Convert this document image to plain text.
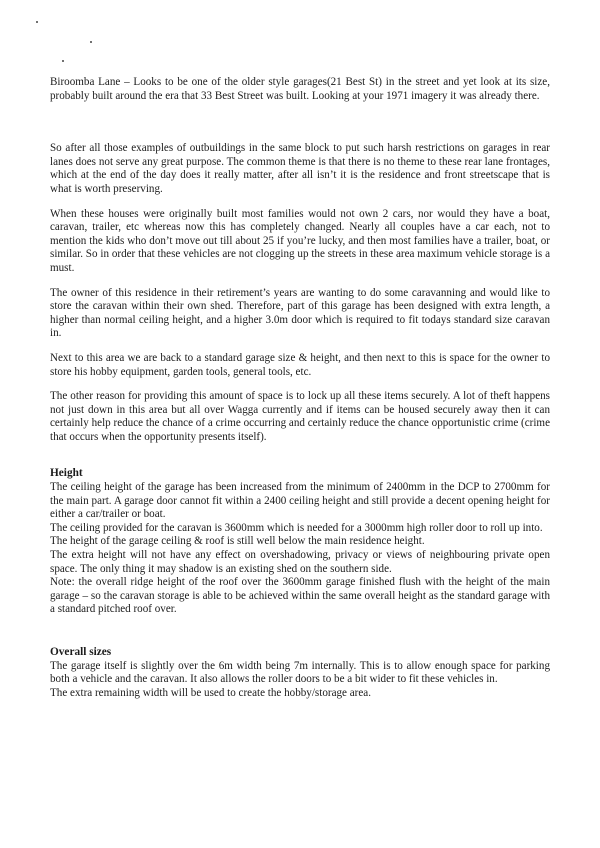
Biroomba Lane – Looks to be one of the older style garages(21 Best St) in the street and yet look at its size, probably built around the era that 33 Best Street was built. Looking at your 1971 imagery it was already there.

So after all those examples of outbuildings in the same block to put such harsh restrictions on garages in rear lanes does not serve any great purpose. The common theme is that there is no theme to these rear lane frontages, which at the end of the day does it really matter, after all isn’t it is the residence and front streetscape that is what is worth preserving.

When these houses were originally built most families would not own 2 cars, nor would they have a boat, caravan, trailer, etc whereas now this has completely changed. Nearly all couples have a car each, not to mention the kids who don’t move out till about 25 if you’re lucky, and then most families have a trailer, boat, or similar. So in order that these vehicles are not clogging up the streets in these area maximum vehicle storage is a must.

The owner of this residence in their retirement’s years are wanting to do some caravanning and would like to store the caravan within their own shed. Therefore, part of this garage has been designed with extra length, a higher than normal ceiling height, and a higher 3.0m door which is required to fit todays standard size caravan in.

Next to this area we are back to a standard garage size & height, and then next to this is space for the owner to store his hobby equipment, garden tools, general tools, etc.

The other reason for providing this amount of space is to lock up all these items securely. A lot of theft happens not just down in this area but all over Wagga currently and if items can be housed securely away then it can certainly help reduce the chance of a crime occurring and certainly reduce the chance opportunistic crime (crime that occurs when the opportunity presents itself).

Height

The ceiling height of the garage has been increased from the minimum of 2400mm in the DCP to 2700mm for the main part. A garage door cannot fit within a 2400 ceiling height and still provide a decent opening height for either a car/trailer or boat.

The ceiling provided for the caravan is 3600mm which is needed for a 3000mm high roller door to roll up into.

The height of the garage ceiling & roof is still well below the main residence height.

The extra height will not have any effect on overshadowing, privacy or views of neighbouring private open space. The only thing it may shadow is an existing shed on the southern side.

Note: the overall ridge height of the roof over the 3600mm garage finished flush with the height of the main garage – so the caravan storage is able to be achieved within the same overall height as the standard garage with a standard pitched roof over.

Overall sizes

The garage itself is slightly over the 6m width being 7m internally. This is to allow enough space for parking both a vehicle and the caravan. It also allows the roller doors to be a bit wider to fit these vehicles in.

The extra remaining width will be used to create the hobby/storage area.
